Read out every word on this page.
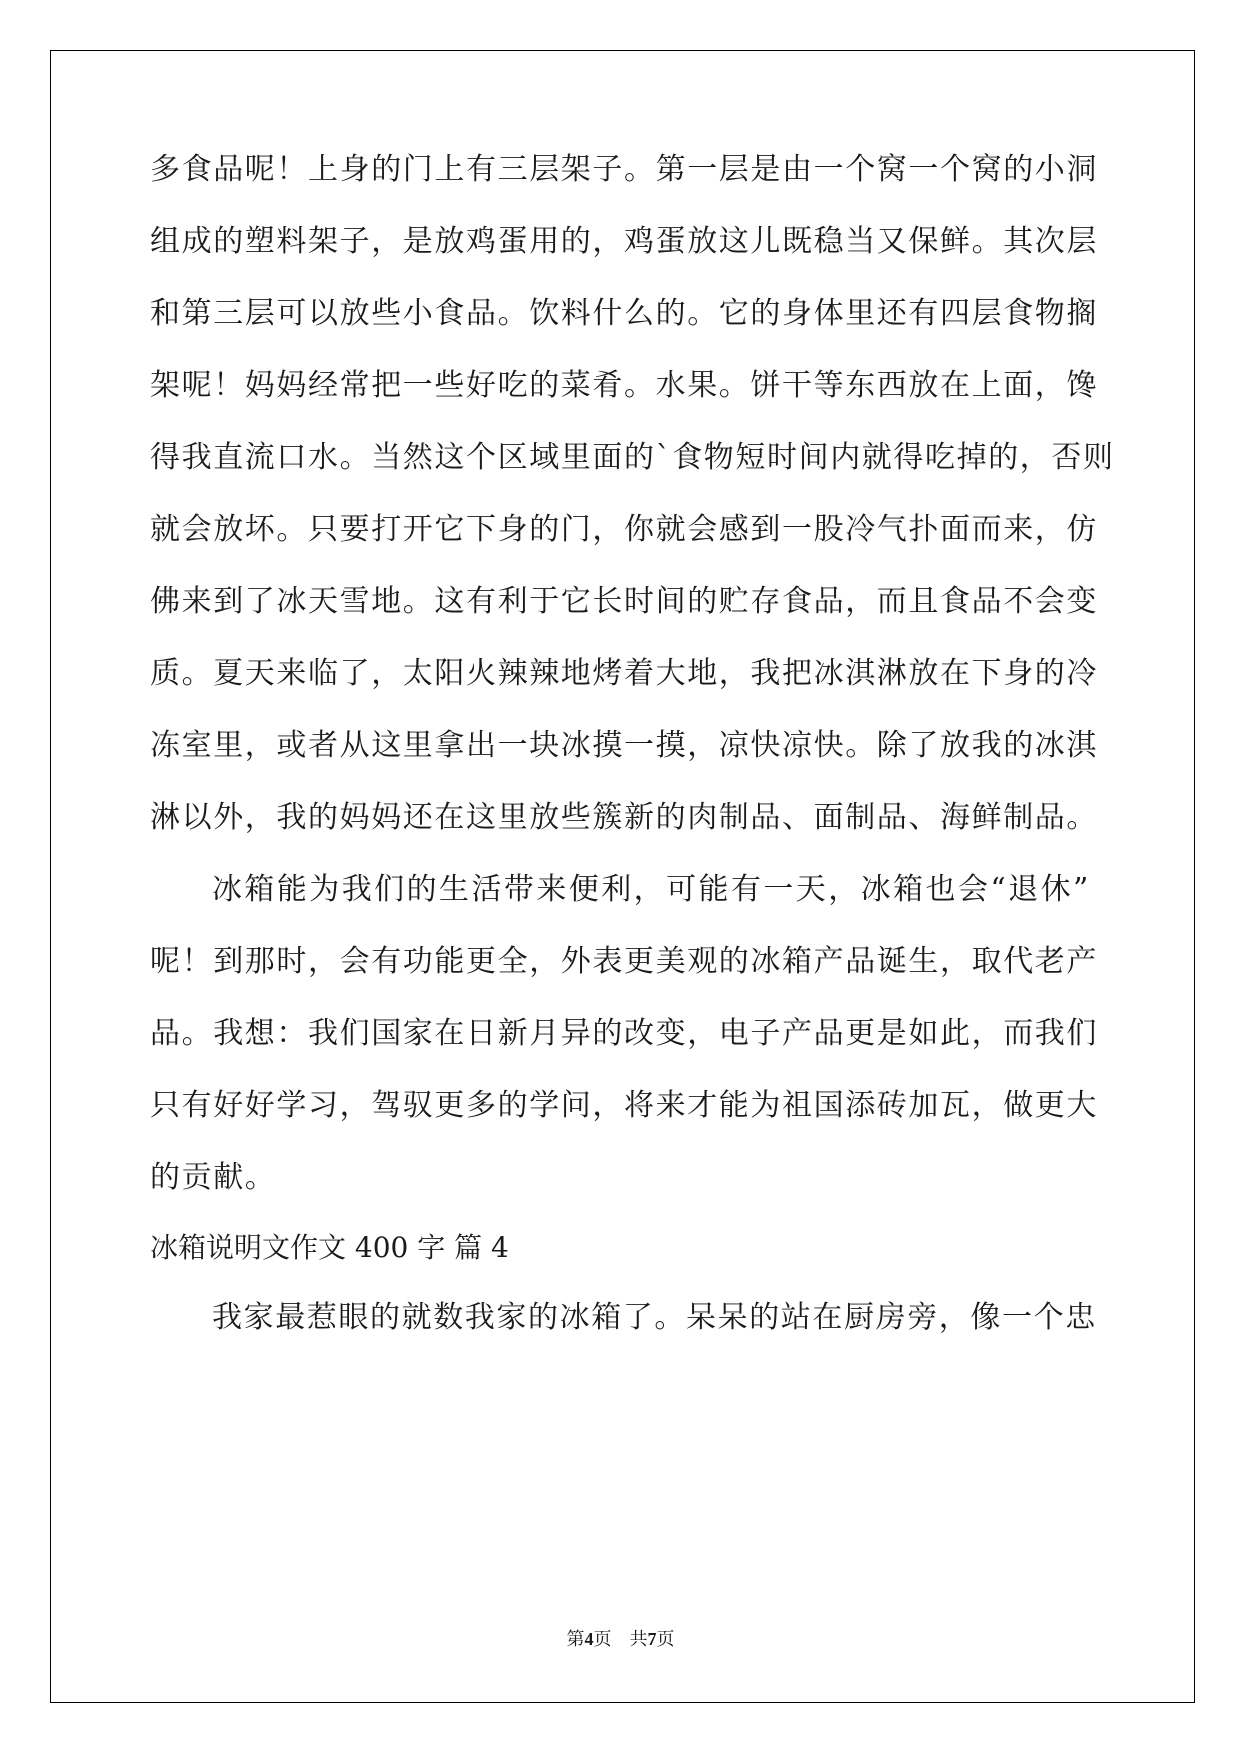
多食品呢！上身的门上有三层架子。第一层是由一个窝一个窝的小洞
组成的塑料架子，是放鸡蛋用的，鸡蛋放这儿既稳当又保鲜。其次层
和第三层可以放些小食品。饮料什么的。它的身体里还有四层食物搁
架呢！妈妈经常把一些好吃的菜肴。水果。饼干等东西放在上面，馋
得我直流口水。当然这个区域里面的`食物短时间内就得吃掉的，否则
就会放坏。只要打开它下身的门，你就会感到一股冷气扑面而来，仿
佛来到了冰天雪地。这有利于它长时间的贮存食品，而且食品不会变
质。夏天来临了，太阳火辣辣地烤着大地，我把冰淇淋放在下身的冷
冻室里，或者从这里拿出一块冰摸一摸，凉快凉快。除了放我的冰淇
淋以外，我的妈妈还在这里放些簇新的肉制品、面制品、海鲜制品。
冰箱能为我们的生活带来便利，可能有一天，冰箱也会“退休”
呢！到那时，会有功能更全，外表更美观的冰箱产品诞生，取代老产
品。我想：我们国家在日新月异的改变，电子产品更是如此，而我们
只有好好学习，驾驭更多的学问，将来才能为祖国添砖加瓦，做更大
的贡献。
冰箱说明文作文 400 字 篇 4
我家最惹眼的就数我家的冰箱了。呆呆的站在厨房旁，像一个忠
第4页 共7页
